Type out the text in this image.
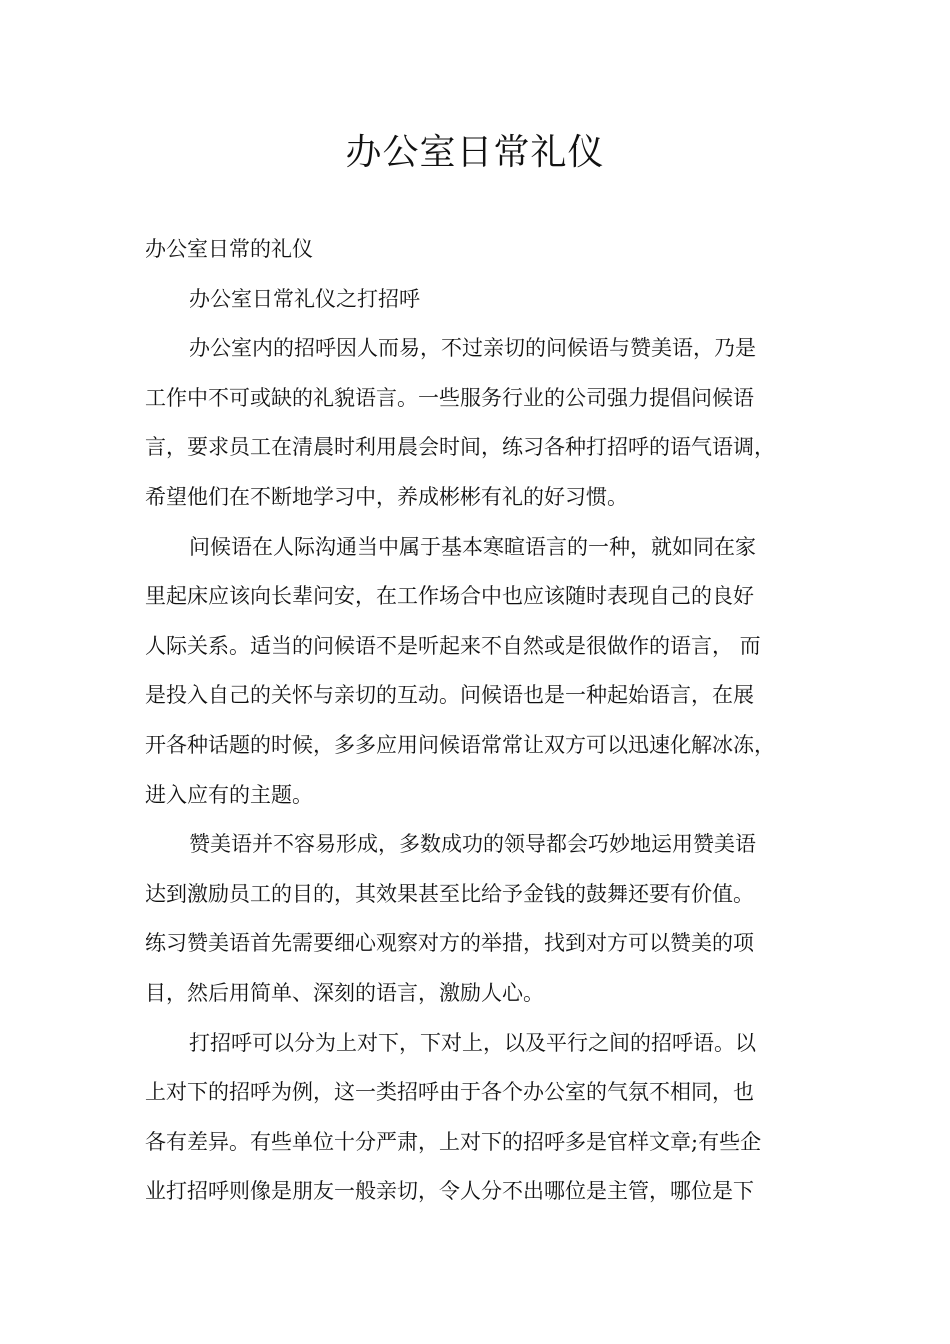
办公室日常礼仪
办公室日常的礼仪
办公室日常礼仪之打招呼
办公室内的招呼因人而易，不过亲切的问候语与赞美语，乃是
工作中不可或缺的礼貌语言。一些服务行业的公司强力提倡问候语
言，要求员工在清晨时利用晨会时间，练习各种打招呼的语气语调，
希望他们在不断地学习中，养成彬彬有礼的好习惯。
问候语在人际沟通当中属于基本寒暄语言的一种，就如同在家
里起床应该向长辈问安，在工作场合中也应该随时表现自己的良好
人际关系。适当的问候语不是听起来不自然或是很做作的语言， 而
是投入自己的关怀与亲切的互动。问候语也是一种起始语言，在展
开各种话题的时候，多多应用问候语常常让双方可以迅速化解冰冻，
进入应有的主题。
赞美语并不容易形成，多数成功的领导都会巧妙地运用赞美语
达到激励员工的目的，其效果甚至比给予金钱的鼓舞还要有价值。
练习赞美语首先需要细心观察对方的举措，找到对方可以赞美的项
目，然后用简单、深刻的语言，激励人心。
打招呼可以分为上对下，下对上，以及平行之间的招呼语。以
上对下的招呼为例，这一类招呼由于各个办公室的气氛不相同，也
各有差异。有些单位十分严肃，上对下的招呼多是官样文章;有些企
业打招呼则像是朋友一般亲切，令人分不出哪位是主管，哪位是下
